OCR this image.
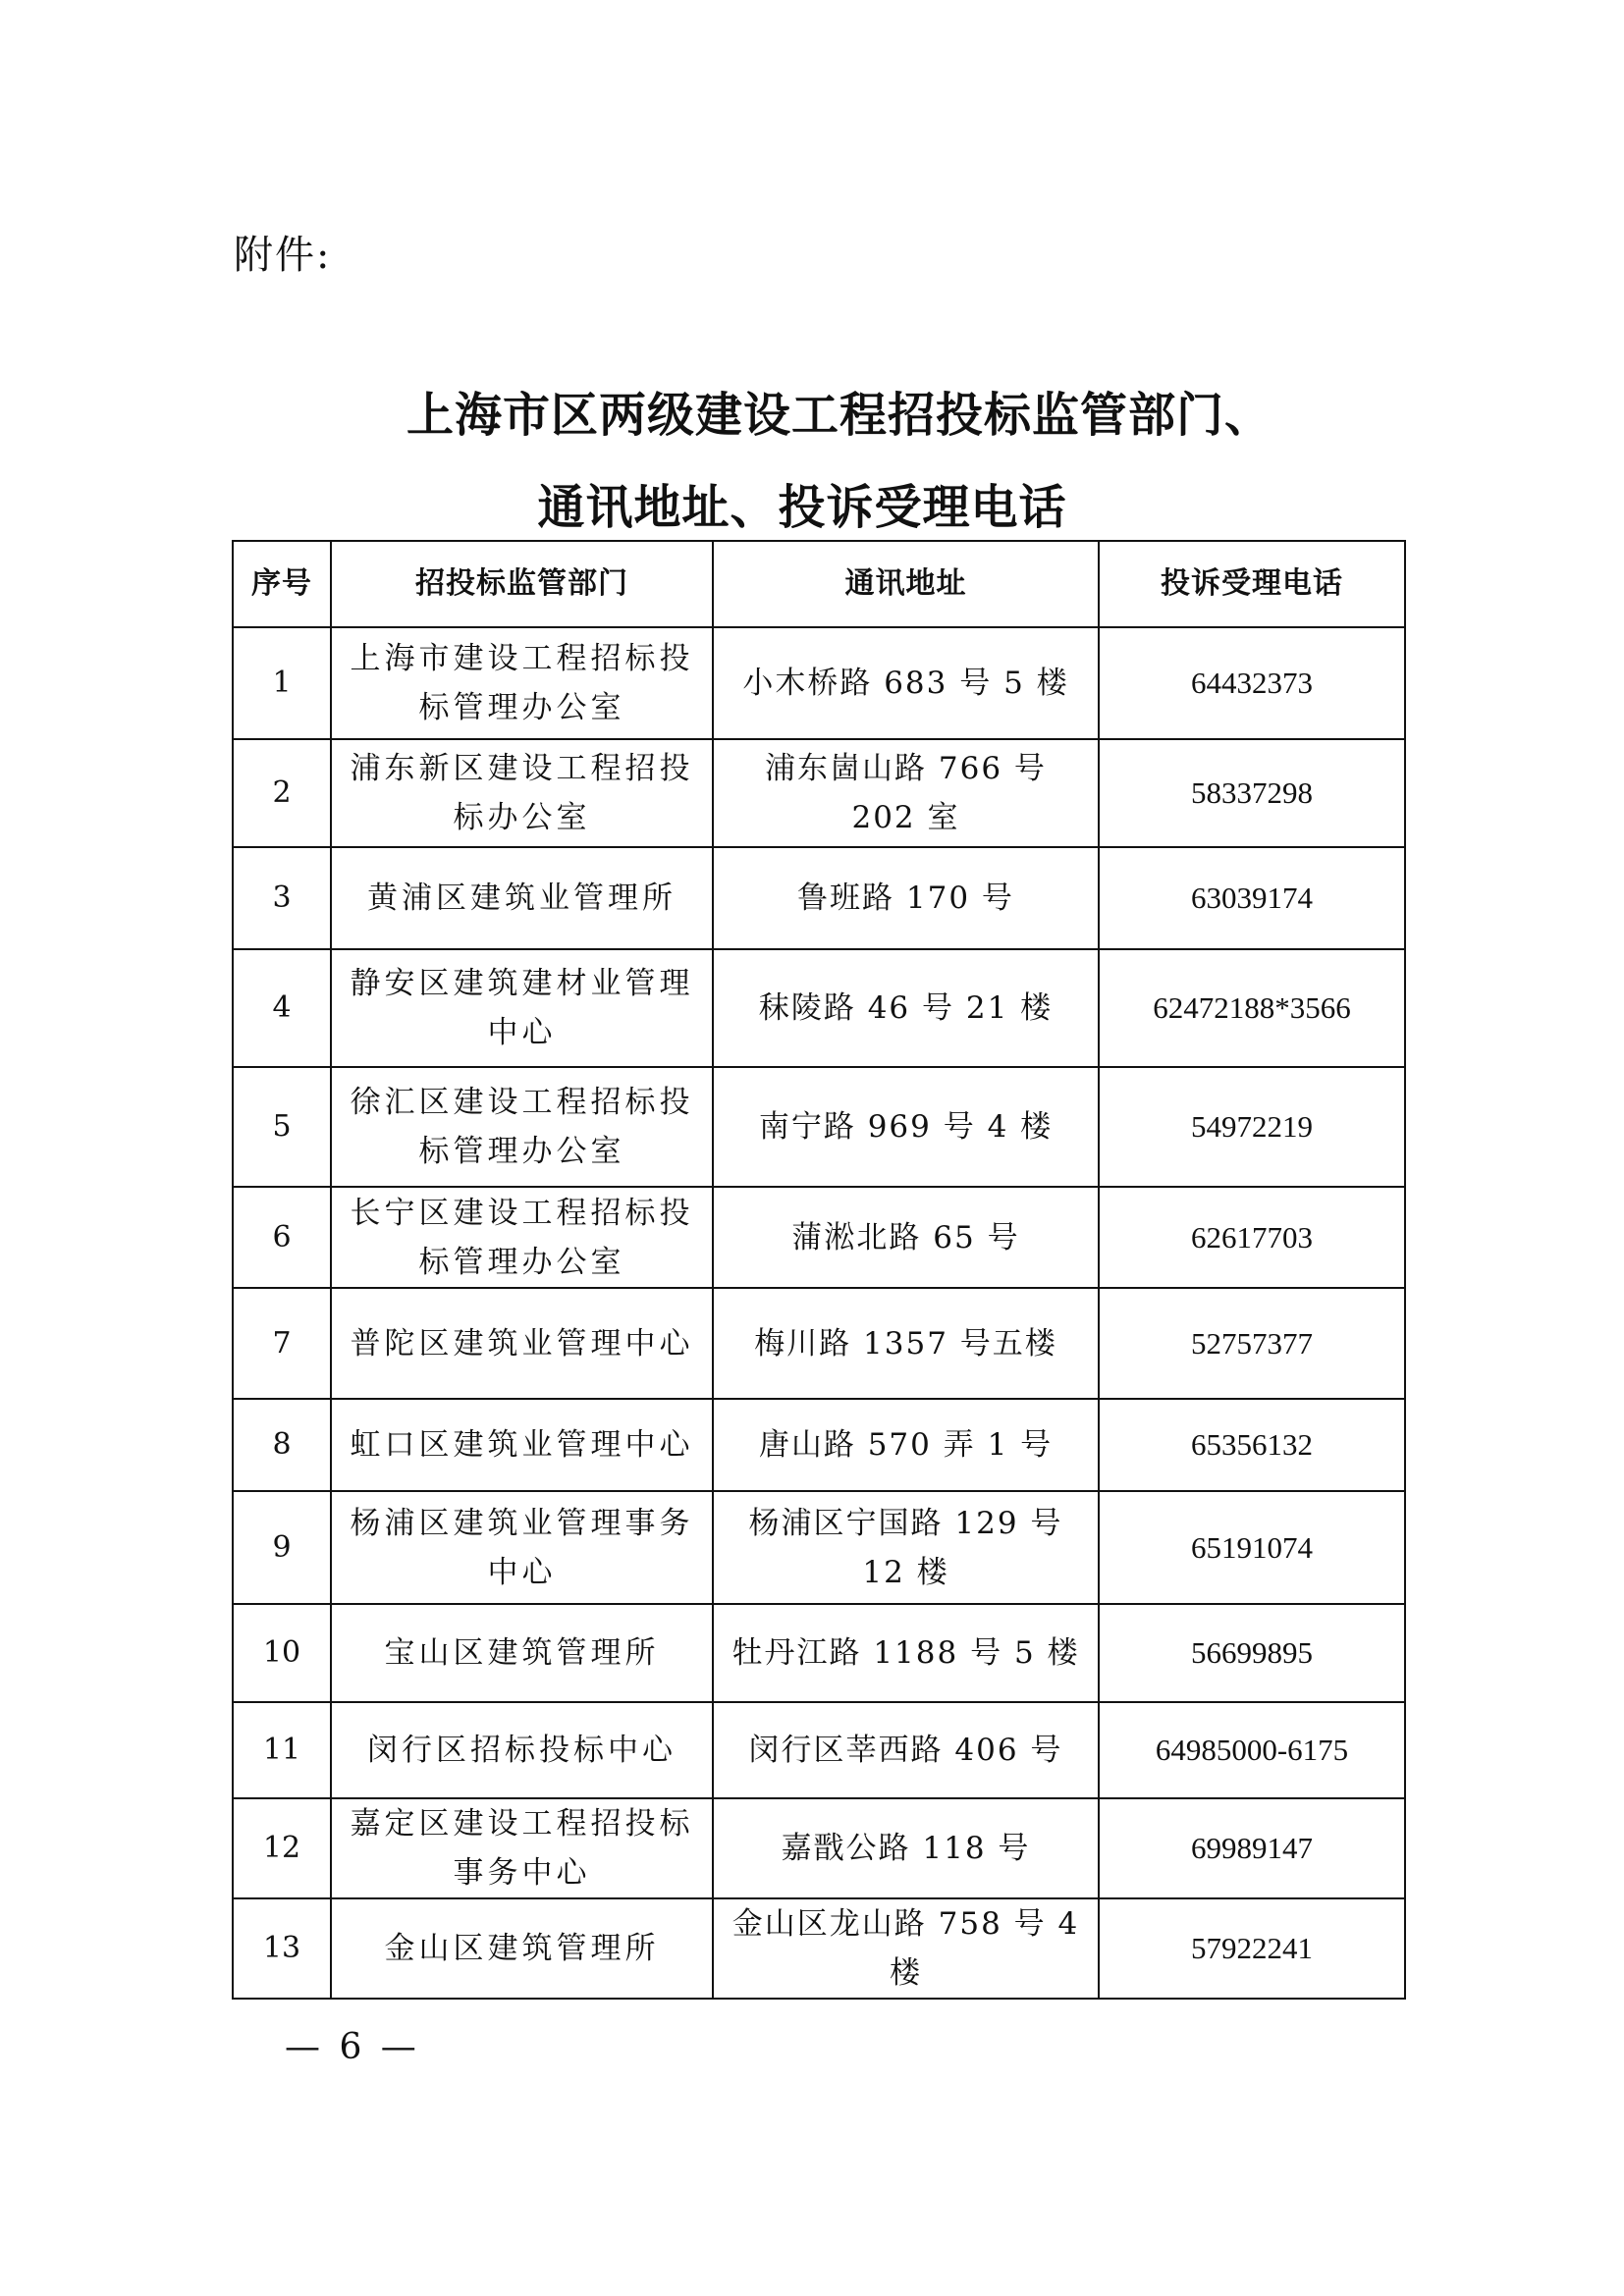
附件:
上海市区两级建设工程招投标监管部门、
通讯地址、投诉受理电话
序号	招投标监管部门	通讯地址	投诉受理电话
1	上海市建设工程招标投标管理办公室	小木桥路 683 号 5 楼	64432373
2	浦东新区建设工程招投标办公室	浦东崮山路 766 号 202 室	58337298
3	黄浦区建筑业管理所	鲁班路 170 号	63039174
4	静安区建筑建材业管理中心	秣陵路 46 号 21 楼	62472188*3566
5	徐汇区建设工程招标投标管理办公室	南宁路 969 号 4 楼	54972219
6	长宁区建设工程招标投标管理办公室	蒲淞北路 65 号	62617703
7	普陀区建筑业管理中心	梅川路 1357 号五楼	52757377
8	虹口区建筑业管理中心	唐山路 570 弄 1 号	65356132
9	杨浦区建筑业管理事务中心	杨浦区宁国路 129 号 12 楼	65191074
10	宝山区建筑管理所	牡丹江路 1188 号 5 楼	56699895
11	闵行区招标投标中心	闵行区莘西路 406 号	64985000-6175
12	嘉定区建设工程招投标事务中心	嘉戬公路 118 号	69989147
13	金山区建筑管理所	金山区龙山路 758 号 4 楼	57922241
— 6 —
